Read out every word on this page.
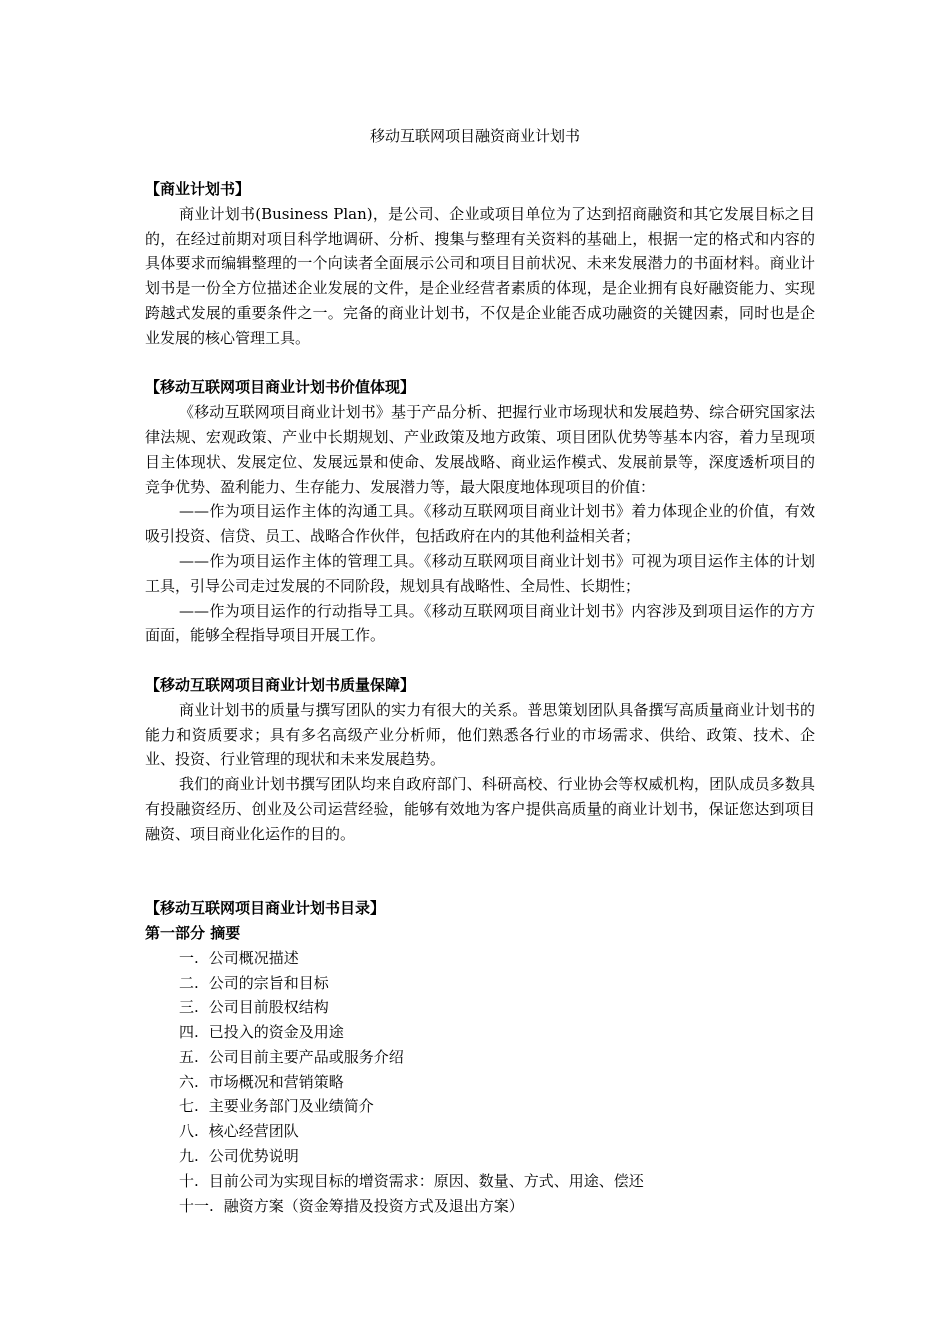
移动互联网项目融资商业计划书

【商业计划书】

商业计划书(Business Plan)，是公司、企业或项目单位为了达到招商融资和其它发展目标之目的，在经过前期对项目科学地调研、分析、搜集与整理有关资料的基础上，根据一定的格式和内容的具体要求而编辑整理的一个向读者全面展示公司和项目目前状况、未来发展潜力的书面材料。商业计划书是一份全方位描述企业发展的文件，是企业经营者素质的体现，是企业拥有良好融资能力、实现跨越式发展的重要条件之一。完备的商业计划书，不仅是企业能否成功融资的关键因素，同时也是企业发展的核心管理工具。

【移动互联网项目商业计划书价值体现】

《移动互联网项目商业计划书》基于产品分析、把握行业市场现状和发展趋势、综合研究国家法律法规、宏观政策、产业中长期规划、产业政策及地方政策、项目团队优势等基本内容，着力呈现项目主体现状、发展定位、发展远景和使命、发展战略、商业运作模式、发展前景等，深度透析项目的竞争优势、盈利能力、生存能力、发展潜力等，最大限度地体现项目的价值：

——作为项目运作主体的沟通工具。《移动互联网项目商业计划书》着力体现企业的价值，有效吸引投资、信贷、员工、战略合作伙伴，包括政府在内的其他利益相关者；

——作为项目运作主体的管理工具。《移动互联网项目商业计划书》可视为项目运作主体的计划工具，引导公司走过发展的不同阶段，规划具有战略性、全局性、长期性；

——作为项目运作的行动指导工具。《移动互联网项目商业计划书》内容涉及到项目运作的方方面面，能够全程指导项目开展工作。

【移动互联网项目商业计划书质量保障】

商业计划书的质量与撰写团队的实力有很大的关系。普思策划团队具备撰写高质量商业计划书的能力和资质要求；具有多名高级产业分析师，他们熟悉各行业的市场需求、供给、政策、技术、企业、投资、行业管理的现状和未来发展趋势。

我们的商业计划书撰写团队均来自政府部门、科研高校、行业协会等权威机构，团队成员多数具有投融资经历、创业及公司运营经验，能够有效地为客户提供高质量的商业计划书，保证您达到项目融资、项目商业化运作的目的。

【移动互联网项目商业计划书目录】

第一部分 摘要

一. 公司概况描述
二. 公司的宗旨和目标
三. 公司目前股权结构
四. 已投入的资金及用途
五. 公司目前主要产品或服务介绍
六. 市场概况和营销策略
七. 主要业务部门及业绩简介
八. 核心经营团队
九. 公司优势说明
十. 目前公司为实现目标的增资需求：原因、数量、方式、用途、偿还
十一. 融资方案（资金筹措及投资方式及退出方案）
